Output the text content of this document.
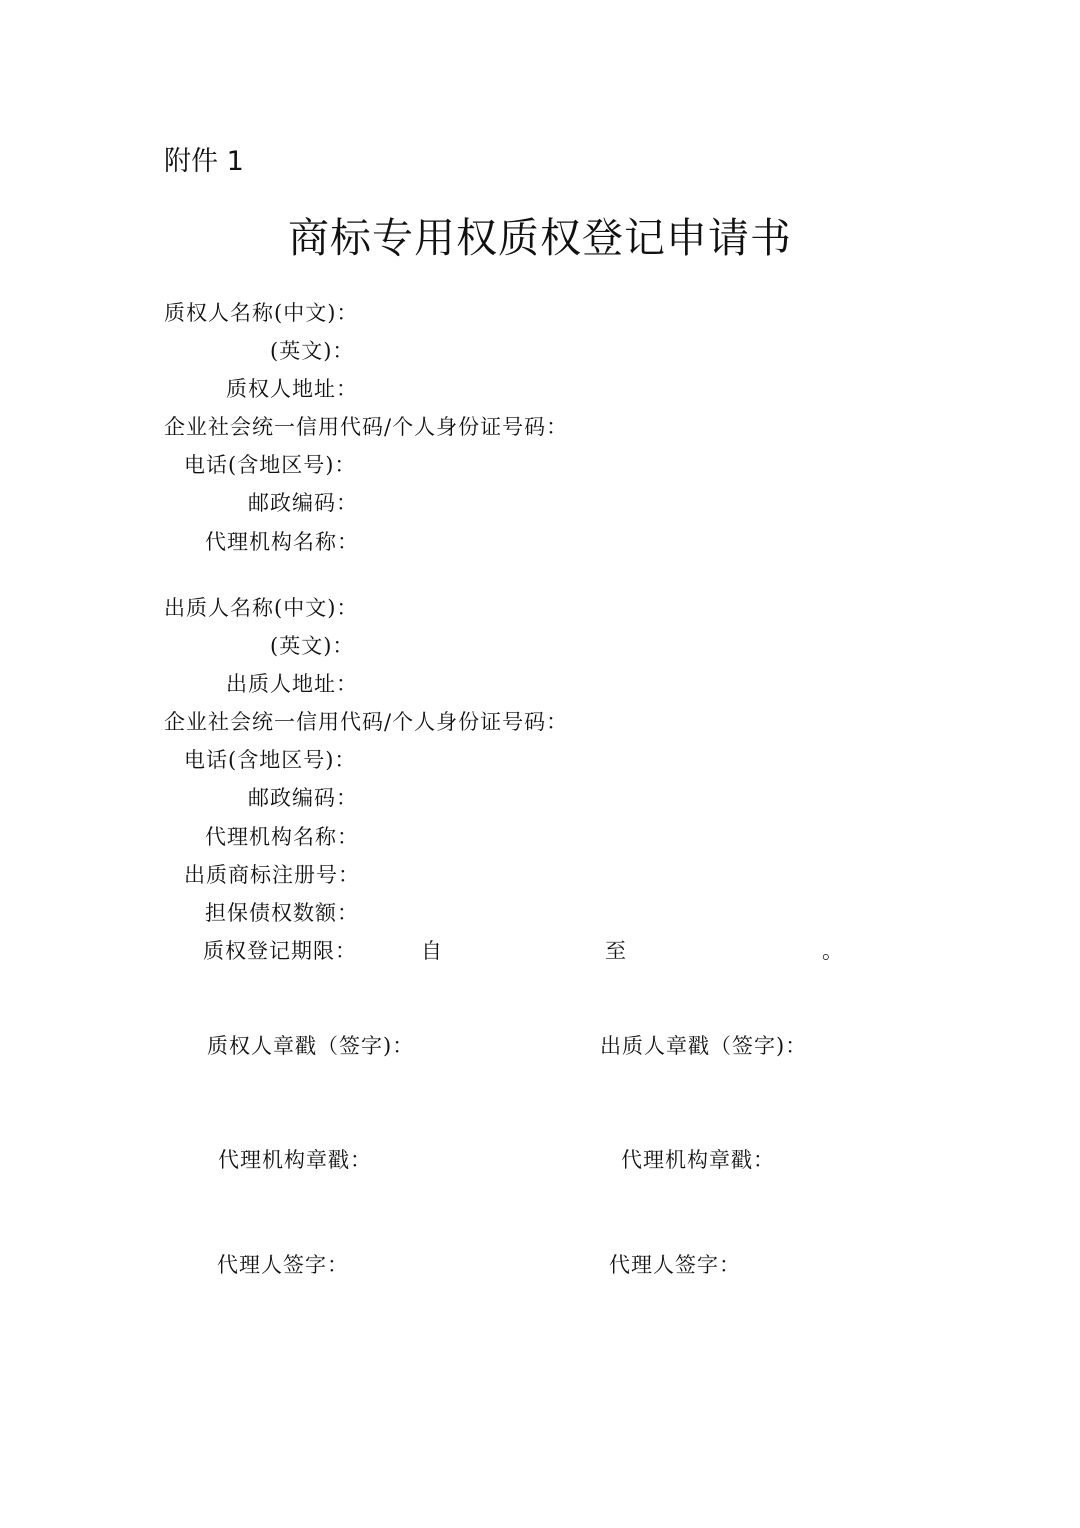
附件 1
商标专用权质权登记申请书
质权人名称(中文)：
(英文)：
质权人地址：
企业社会统一信用代码/个人身份证号码：
电话(含地区号)：
邮政编码：
代理机构名称：
出质人名称(中文)：
(英文)：
出质人地址：
企业社会统一信用代码/个人身份证号码：
电话(含地区号)：
邮政编码：
代理机构名称：
出质商标注册号：
担保债权数额：
质权登记期限：	自	至	。
质权人章戳（签字)：	出质人章戳（签字)：
代理机构章戳：	代理机构章戳：
代理人签字：	代理人签字：
